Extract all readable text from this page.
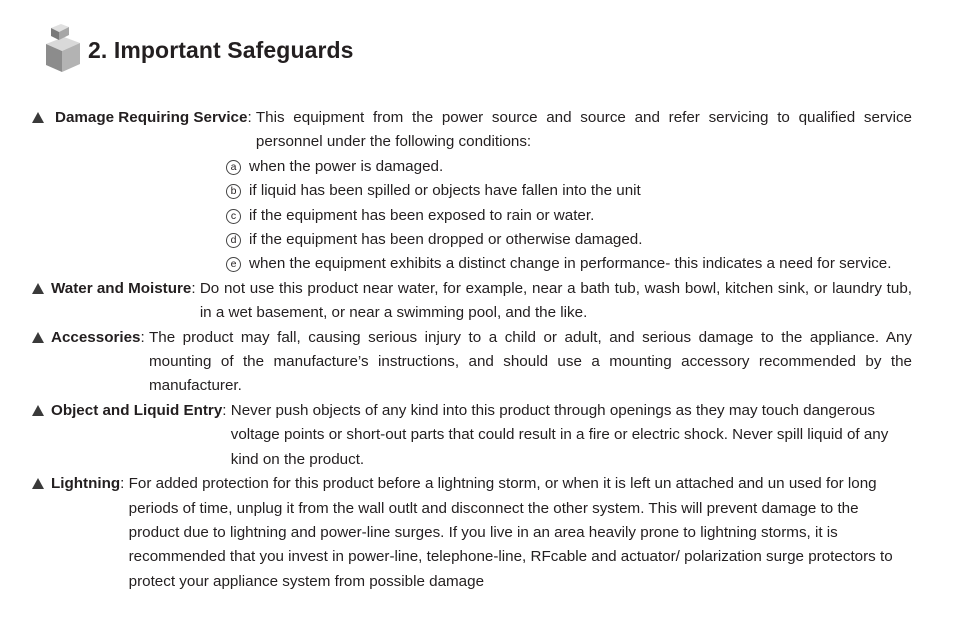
2. Important Safeguards
Damage Requiring Service: This equipment from the power source and source and refer servicing to qualified service personnel under the following conditions:
a when the power is damaged.
b if liquid has been spilled or objects have fallen into the unit
c if the equipment has been exposed to rain or water.
d if the equipment has been dropped or otherwise damaged.
e when the equipment exhibits a distinct change in performance- this indicates a need for service.
Water and Moisture: Do not use this product near water, for example, near a bath tub, wash bowl, kitchen sink, or laundry tub, in a wet basement, or near a swimming pool, and the like.
Accessories: The product may fall, causing serious injury to a child or adult, and serious damage to the appliance. Any mounting of the manufacture’s instructions, and should use a mounting accessory recommended by the manufacturer.
Object and Liquid Entry: Never push objects of any kind into this product through openings as they may touch dangerous voltage points or short-out parts that could result in a fire or electric shock. Never spill liquid of any kind on the product.
Lightning: For added protection for this product before a lightning storm, or when it is left un attached and un used for long periods of time, unplug it from the wall outlt and disconnect the other system. This will prevent damage to the product due to lightning and power-line surges. If you live in an area heavily prone to lightning storms, it is recommended that you invest in power-line, telephone-line, RFcable and actuator/ polarization surge protectors to protect your appliance system from possible damage
